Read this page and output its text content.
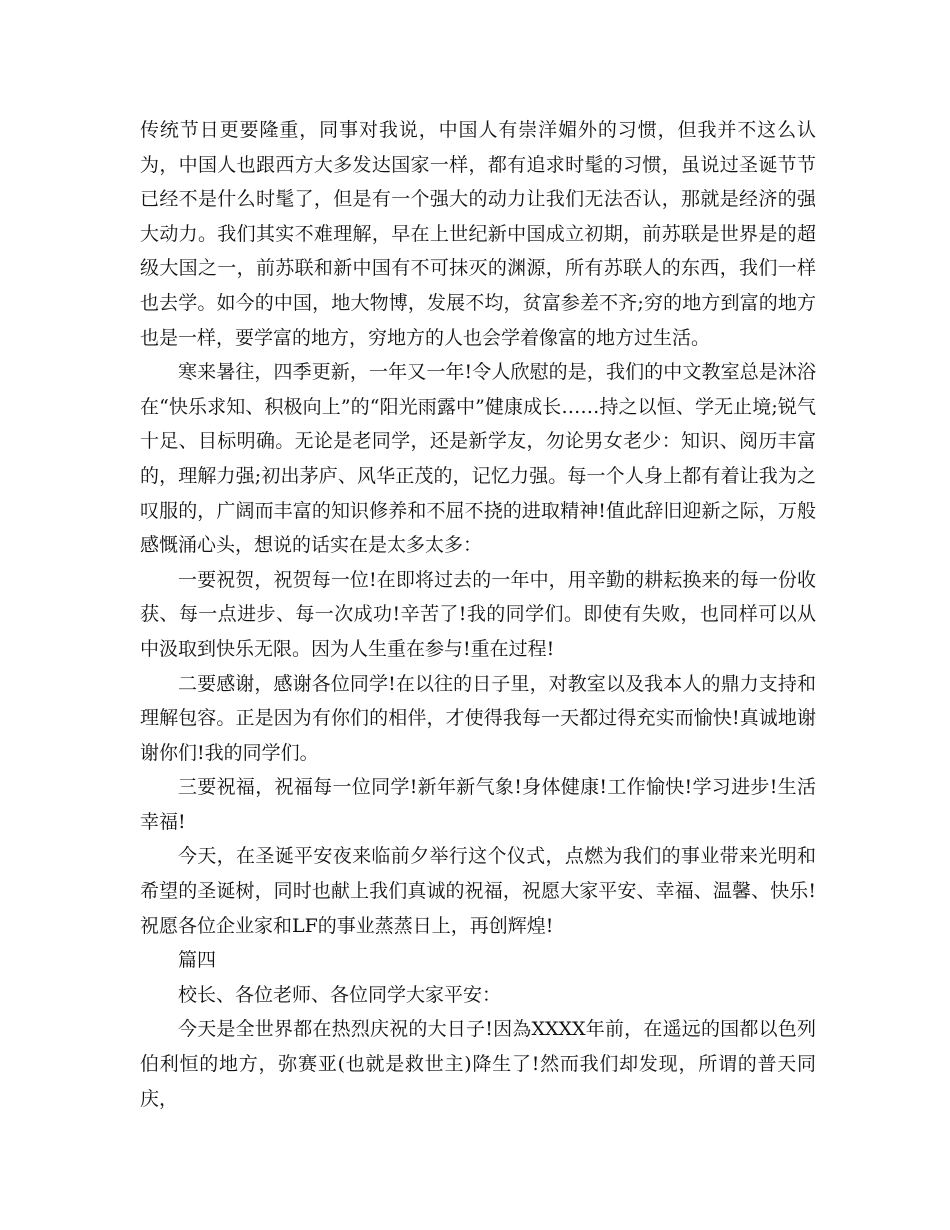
传统节日更要隆重，同事对我说，中国人有崇洋媚外的习惯，但我并不这么认为，中国人也跟西方大多发达国家一样，都有追求时髦的习惯，虽说过圣诞节节已经不是什么时髦了，但是有一个强大的动力让我们无法否认，那就是经济的强大动力。我们其实不难理解，早在上世纪新中国成立初期，前苏联是世界是的超级大国之一，前苏联和新中国有不可抹灭的渊源，所有苏联人的东西，我们一样也去学。如今的中国，地大物博，发展不均，贫富参差不齐;穷的地方到富的地方也是一样，要学富的地方，穷地方的人也会学着像富的地方过生活。

寒来暑往，四季更新，一年又一年!令人欣慰的是，我们的中文教室总是沐浴在“快乐求知、积极向上”的“阳光雨露中”健康成长……持之以恒、学无止境;锐气十足、目标明确。无论是老同学，还是新学友，勿论男女老少：知识、阅历丰富的，理解力强;初出茅庐、风华正茂的，记忆力强。每一个人身上都有着让我为之叹服的，广阔而丰富的知识修养和不屈不挠的进取精神!值此辞旧迎新之际，万般感慨涌心头，想说的话实在是太多太多：

一要祝贺，祝贺每一位!在即将过去的一年中，用辛勤的耕耘换来的每一份收获、每一点进步、每一次成功!辛苦了!我的同学们。即使有失败，也同样可以从中汲取到快乐无限。因为人生重在参与!重在过程!

二要感谢，感谢各位同学!在以往的日子里，对教室以及我本人的鼎力支持和理解包容。正是因为有你们的相伴，才使得我每一天都过得充实而愉快!真诚地谢谢你们!我的同学们。

三要祝福，祝福每一位同学!新年新气象!身体健康!工作愉快!学习进步!生活幸福!

今天，在圣诞平安夜来临前夕举行这个仪式，点燃为我们的事业带来光明和希望的圣诞树，同时也献上我们真诚的祝福，祝愿大家平安、幸福、温馨、快乐!祝愿各位企业家和LF的事业蒸蒸日上，再创辉煌!

篇四

校长、各位老师、各位同学大家平安：

今天是全世界都在热烈庆祝的大日子!因為XXXX年前，在遥远的国都以色列伯利恒的地方，弥赛亚(也就是救世主)降生了!然而我们却发现，所谓的普天同庆，
